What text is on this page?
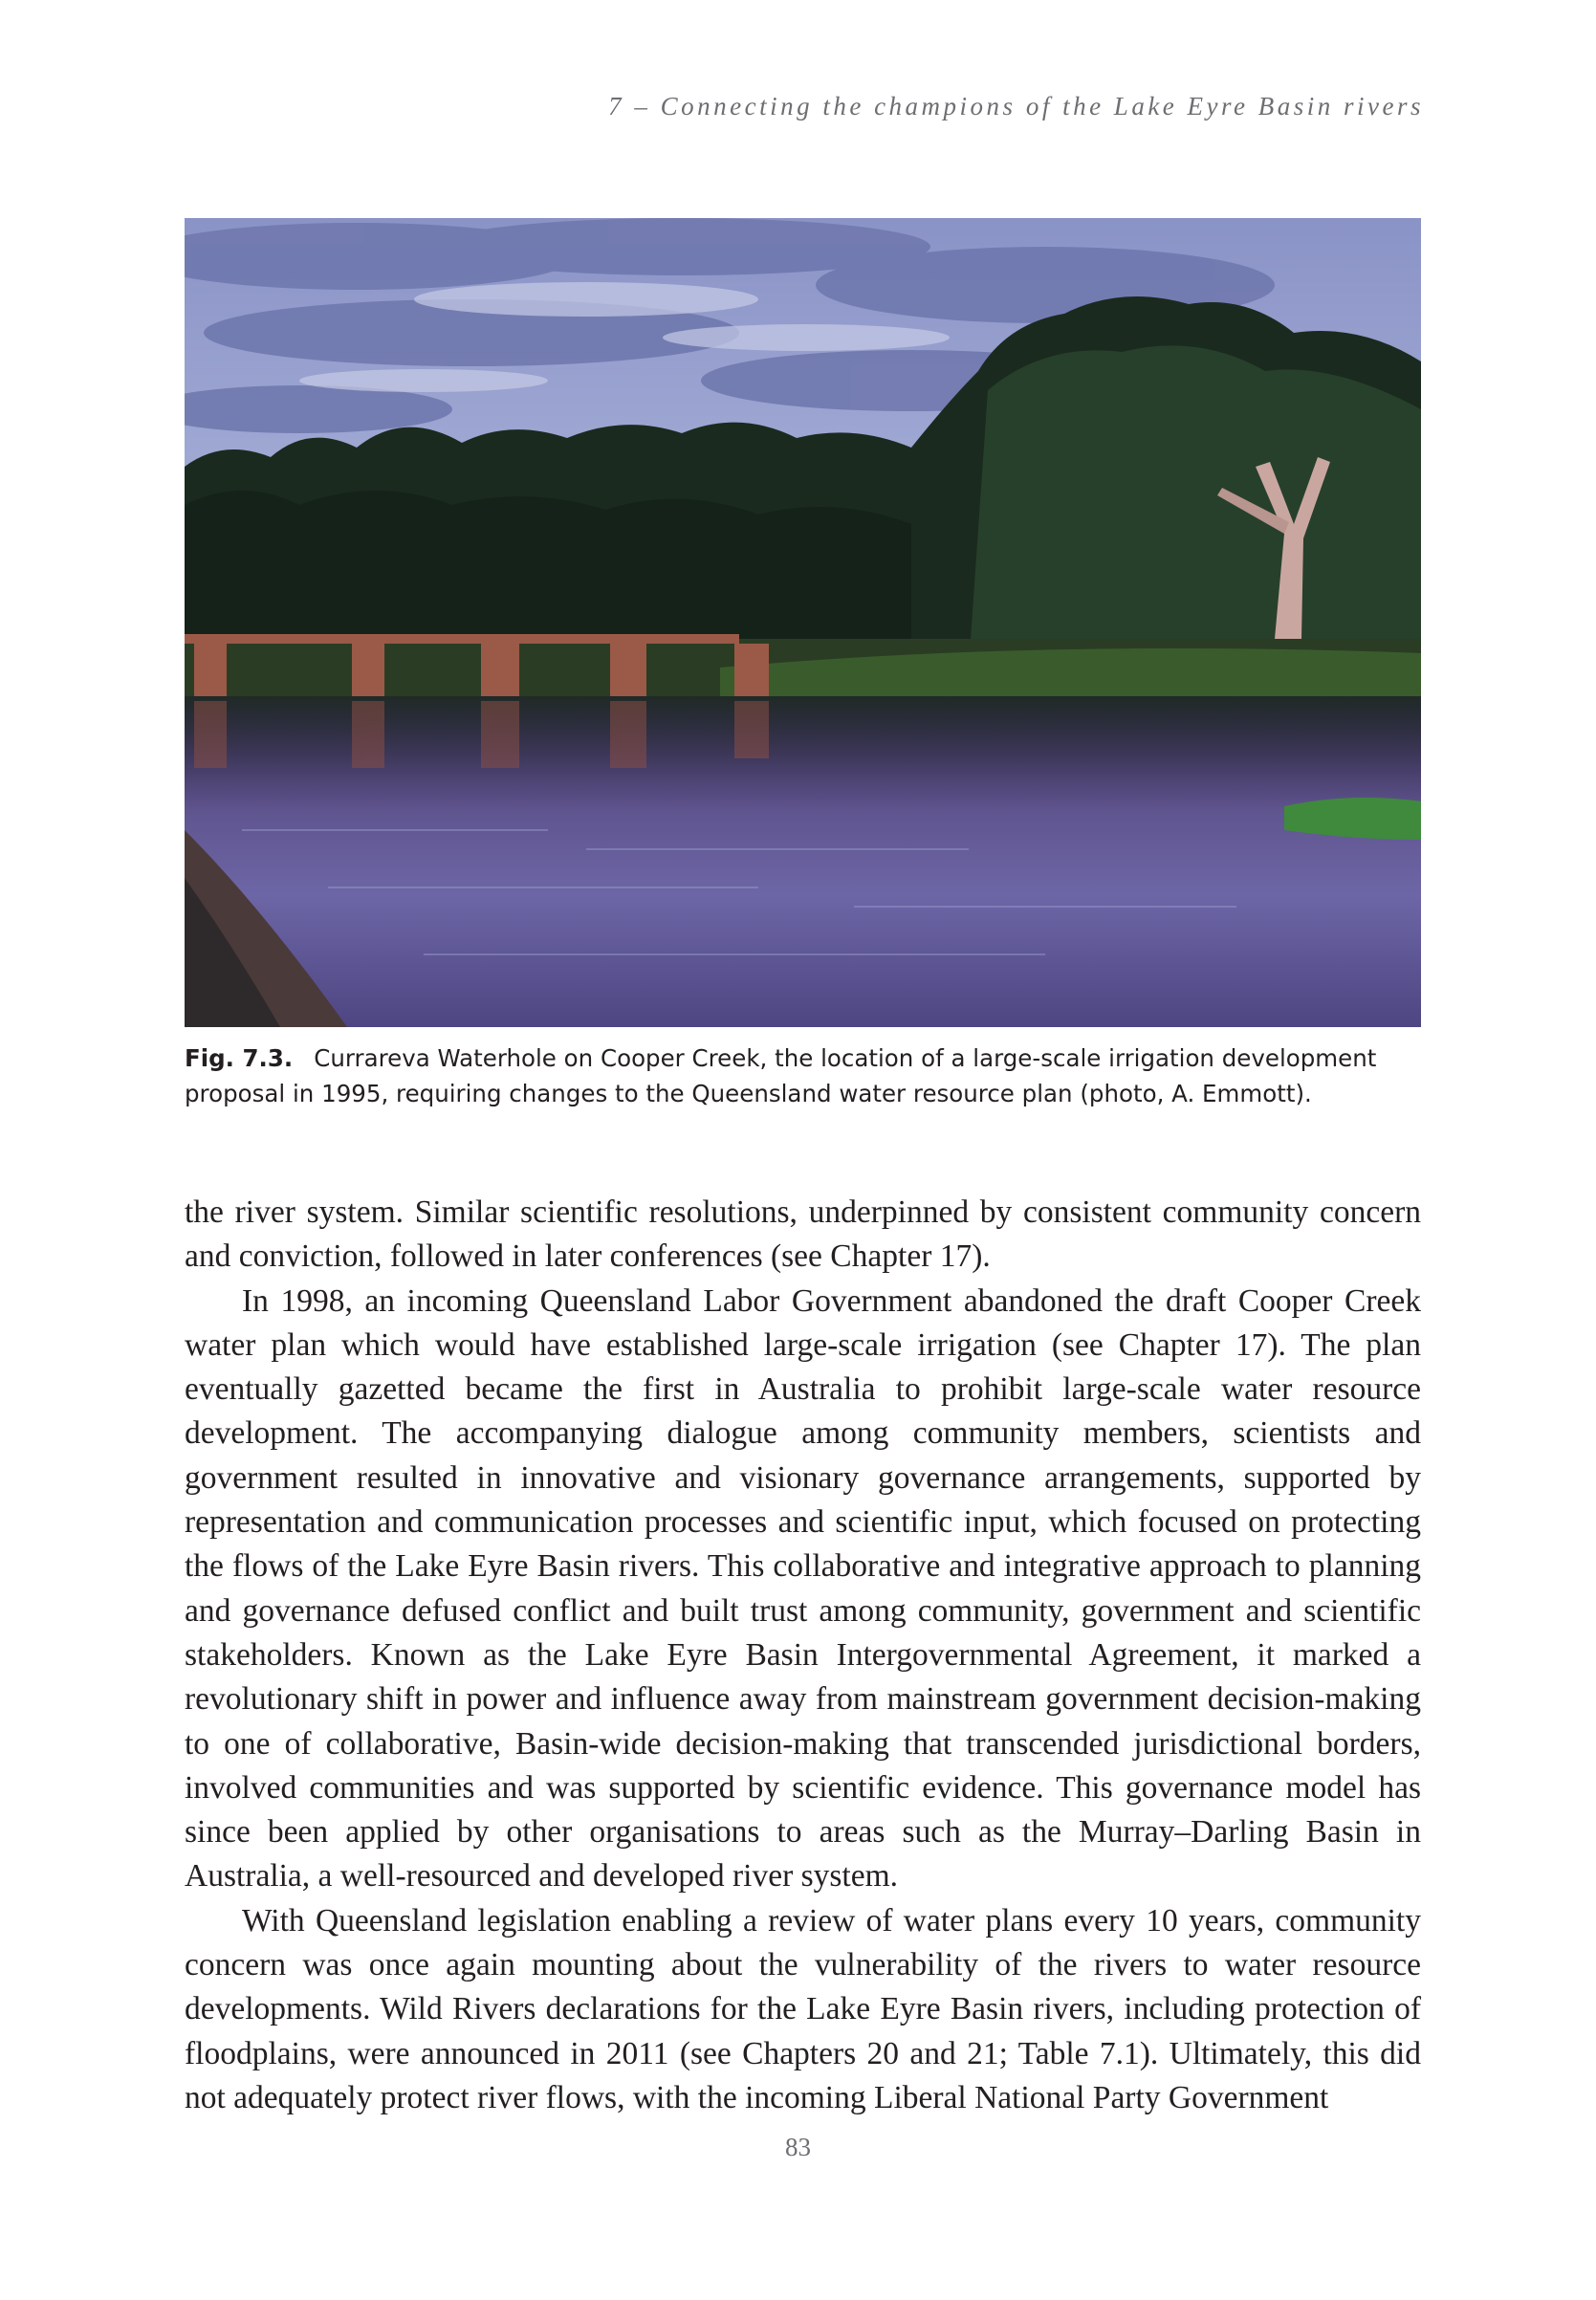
7 – Connecting the champions of the Lake Eyre Basin rivers
Fig. 7.3. Currareva Waterhole on Cooper Creek, the location of a large-scale irrigation development proposal in 1995, requiring changes to the Queensland water resource plan (photo, A. Emmott).

the river system. Similar scientific resolutions, underpinned by consistent community concern and conviction, followed in later conferences (see Chapter 17).

In 1998, an incoming Queensland Labor Government abandoned the draft Cooper Creek water plan which would have established large-scale irrigation (see Chapter 17). The plan eventually gazetted became the first in Australia to prohibit large-scale water resource development. The accompanying dialogue among community members, scientists and government resulted in innovative and visionary governance arrangements, supported by representation and communication processes and scientific input, which focused on protecting the flows of the Lake Eyre Basin rivers. This collaborative and integrative approach to planning and governance defused conflict and built trust among community, government and scientific stakeholders. Known as the Lake Eyre Basin Intergovernmental Agreement, it marked a revolutionary shift in power and influence away from mainstream government decision-making to one of collaborative, Basin-wide decision-making that transcended jurisdictional borders, involved communities and was supported by scientific evidence. This governance model has since been applied by other organisations to areas such as the Murray–Darling Basin in Australia, a well-resourced and developed river system.

With Queensland legislation enabling a review of water plans every 10 years, community concern was once again mounting about the vulnerability of the rivers to water resource developments. Wild Rivers declarations for the Lake Eyre Basin rivers, including protection of floodplains, were announced in 2011 (see Chapters 20 and 21; Table 7.1). Ultimately, this did not adequately protect river flows, with the incoming Liberal National Party Government

83
